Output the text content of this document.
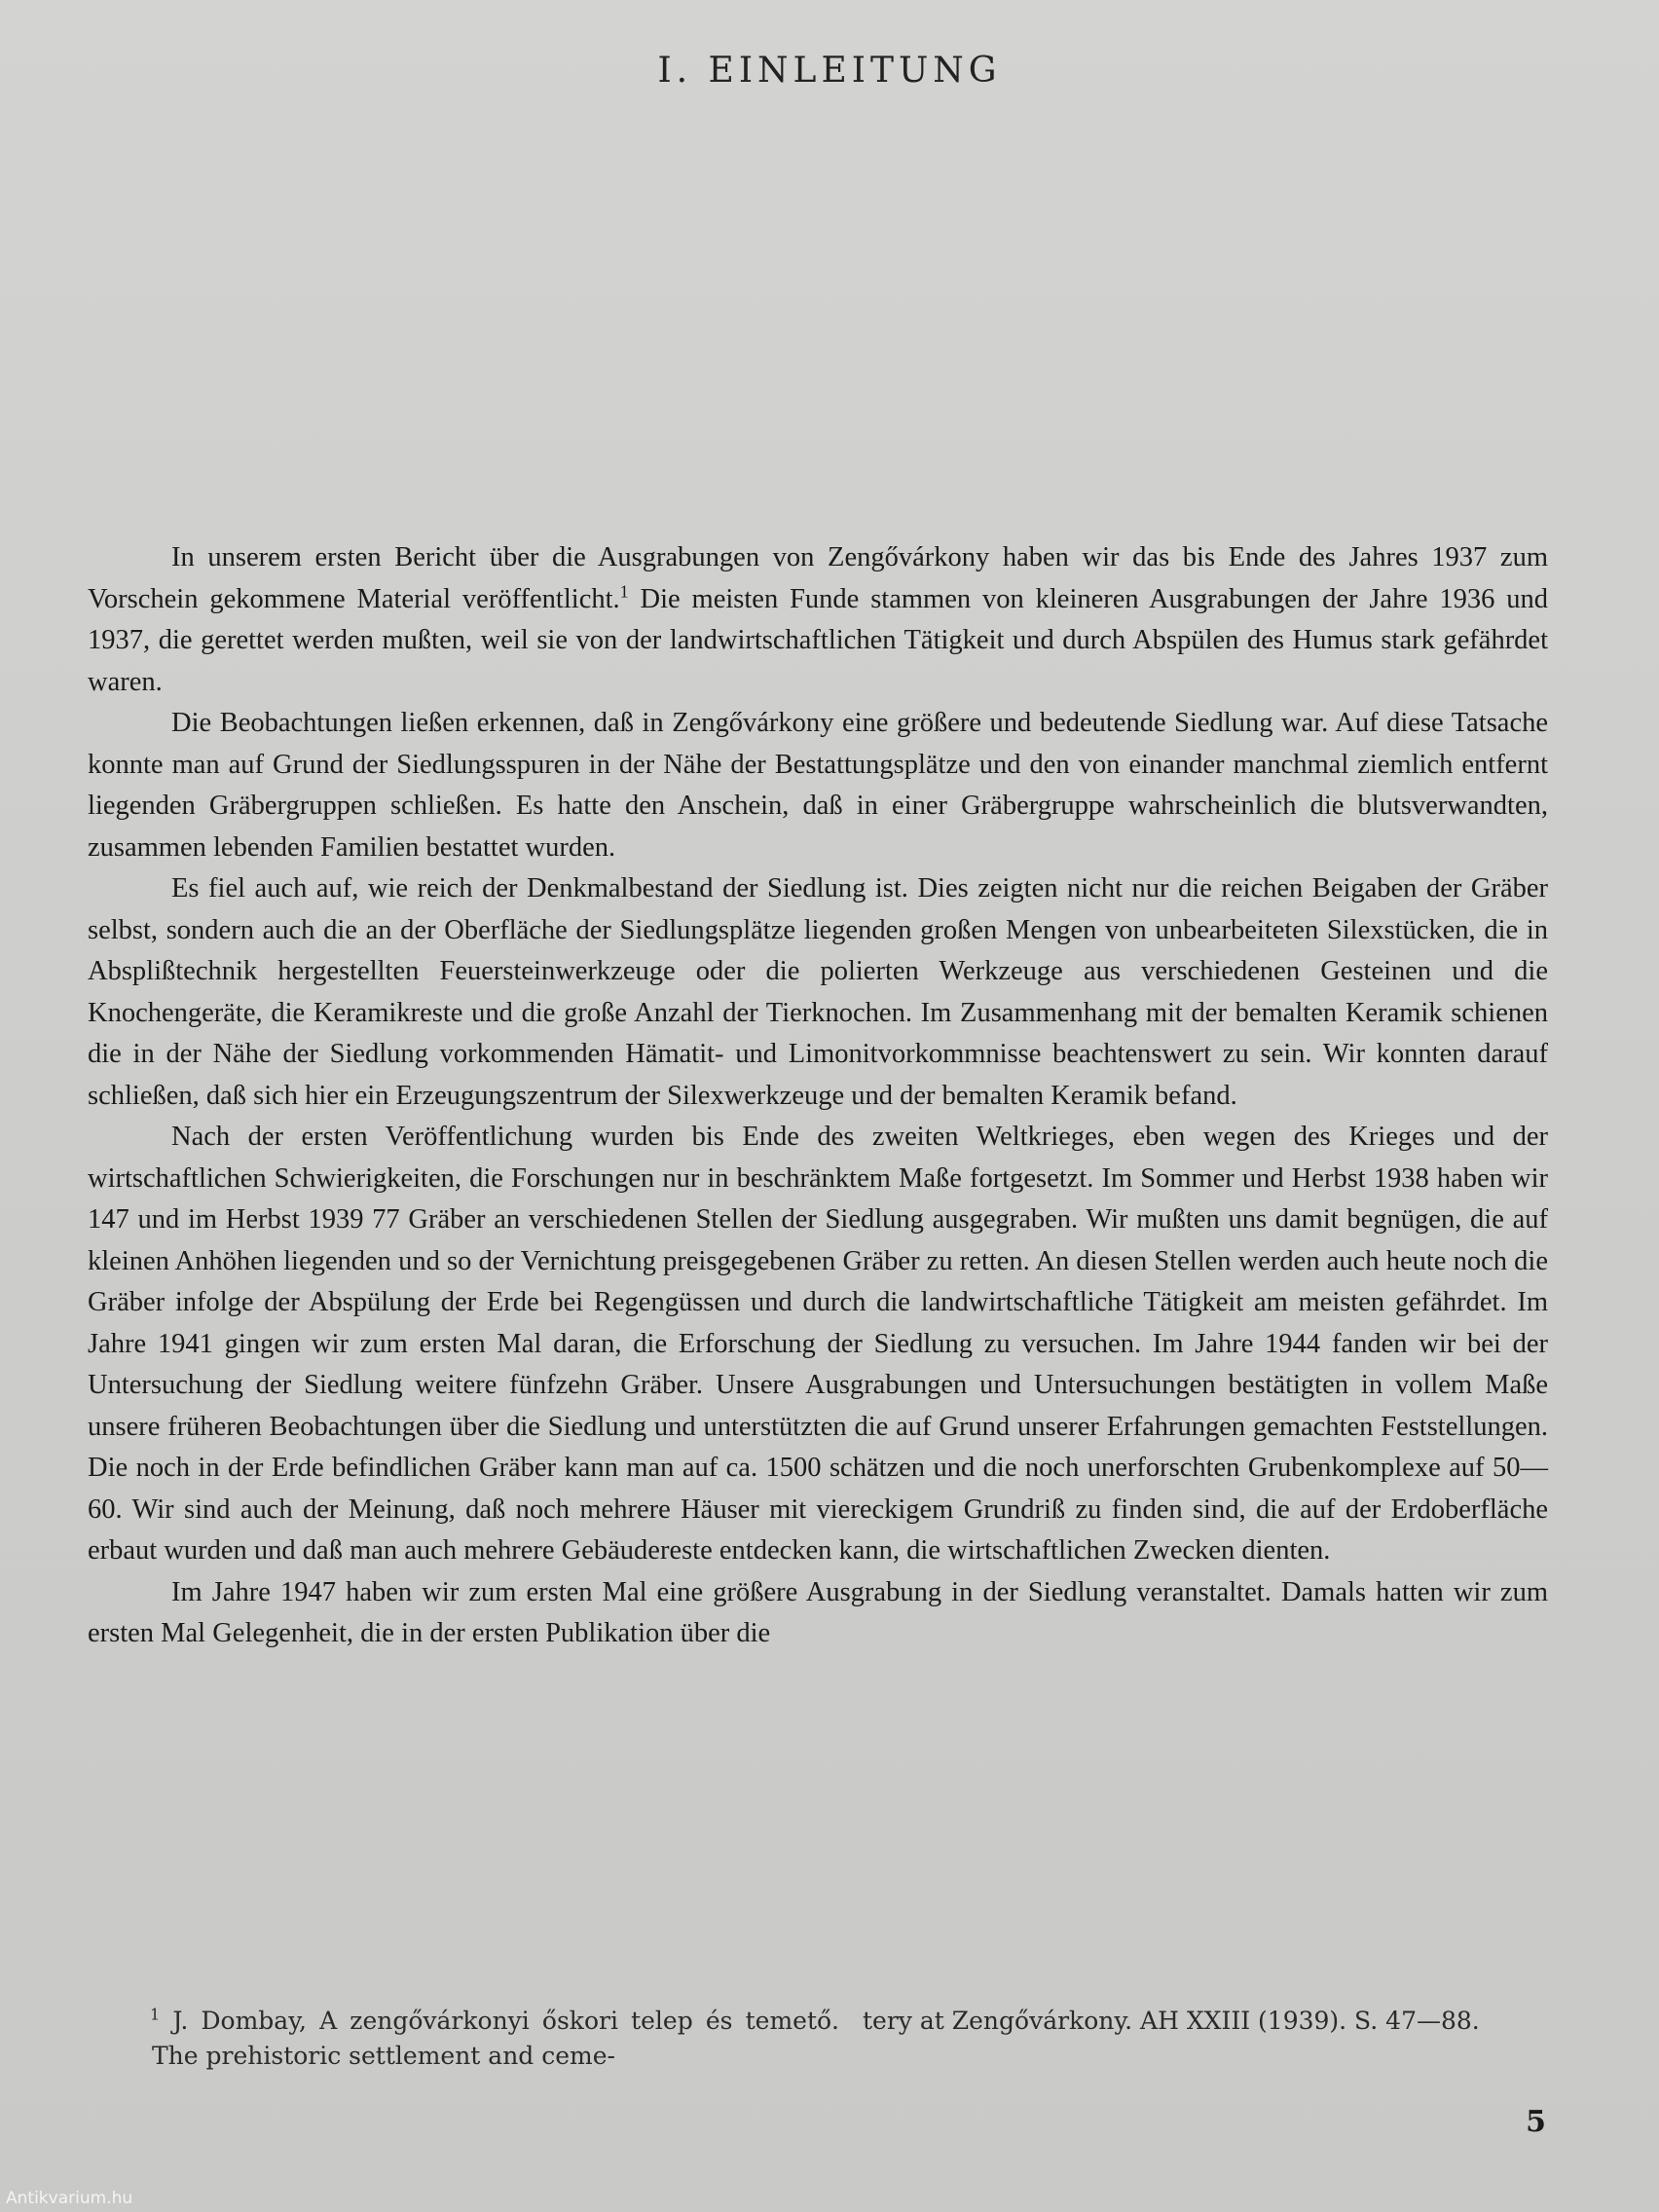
I. EINLEITUNG

In unserem ersten Bericht über die Ausgrabungen von Zengővárkony haben wir das bis Ende des Jahres 1937 zum Vorschein gekommene Material veröffentlicht.$^1$ Die meisten Funde stammen von kleineren Ausgrabungen der Jahre 1936 und 1937, die gerettet werden mußten, weil sie von der landwirtschaftlichen Tätigkeit und durch Abspülen des Humus stark gefährdet waren.

Die Beobachtungen ließen erkennen, daß in Zengővárkony eine größere und bedeutende Siedlung war. Auf diese Tatsache konnte man auf Grund der Siedlungsspuren in der Nähe der Bestattungsplätze und den von einander manchmal ziemlich entfernt liegenden Gräbergruppen schließen. Es hatte den Anschein, daß in einer Gräbergruppe wahrscheinlich die blutsverwandten, zusammen lebenden Familien bestattet wurden.

Es fiel auch auf, wie reich der Denkmalbestand der Siedlung ist. Dies zeigten nicht nur die reichen Beigaben der Gräber selbst, sondern auch die an der Oberfläche der Siedlungsplätze liegenden großen Mengen von unbearbeiteten Silexstücken, die in Absplißtechnik hergestellten Feuersteinwerkzeuge oder die polierten Werkzeuge aus verschiedenen Gesteinen und die Knochengeräte, die Keramikreste und die große Anzahl der Tierknochen. Im Zusammenhang mit der bemalten Keramik schienen die in der Nähe der Siedlung vorkommenden Hämatit- und Limonitvorkommnisse beachtenswert zu sein. Wir konnten darauf schließen, daß sich hier ein Erzeugungszentrum der Silexwerkzeuge und der bemalten Keramik befand.

Nach der ersten Veröffentlichung wurden bis Ende des zweiten Weltkrieges, eben wegen des Krieges und der wirtschaftlichen Schwierigkeiten, die Forschungen nur in beschränktem Maße fortgesetzt. Im Sommer und Herbst 1938 haben wir 147 und im Herbst 1939 77 Gräber an verschiedenen Stellen der Siedlung ausgegraben. Wir mußten uns damit begnügen, die auf kleinen Anhöhen liegenden und so der Vernichtung preisgegebenen Gräber zu retten. An diesen Stellen werden auch heute noch die Gräber infolge der Abspülung der Erde bei Regengüssen und durch die landwirtschaftliche Tätigkeit am meisten gefährdet. Im Jahre 1941 gingen wir zum ersten Mal daran, die Erforschung der Siedlung zu versuchen. Im Jahre 1944 fanden wir bei der Untersuchung der Siedlung weitere fünfzehn Gräber. Unsere Ausgrabungen und Untersuchungen bestätigten in vollem Maße unsere früheren Beobachtungen über die Siedlung und unterstützten die auf Grund unserer Erfahrungen gemachten Feststellungen. Die noch in der Erde befindlichen Gräber kann man auf ca. 1500 schätzen und die noch unerforschten Grubenkomplexe auf 50—60. Wir sind auch der Meinung, daß noch mehrere Häuser mit viereckigem Grundriß zu finden sind, die auf der Erdoberfläche erbaut wurden und daß man auch mehrere Gebäudereste entdecken kann, die wirtschaftlichen Zwecken dienten.

Im Jahre 1947 haben wir zum ersten Mal eine größere Ausgrabung in der Siedlung veranstaltet. Damals hatten wir zum ersten Mal Gelegenheit, die in der ersten Publikation über die

$^1$ J. Dombay, A zengővárkonyi őskori telep és temető. The prehistoric settlement and ceme-
tery at Zengővárkony. AH XXIII (1939). S. 47—88.
5
Antikvarium.hu
